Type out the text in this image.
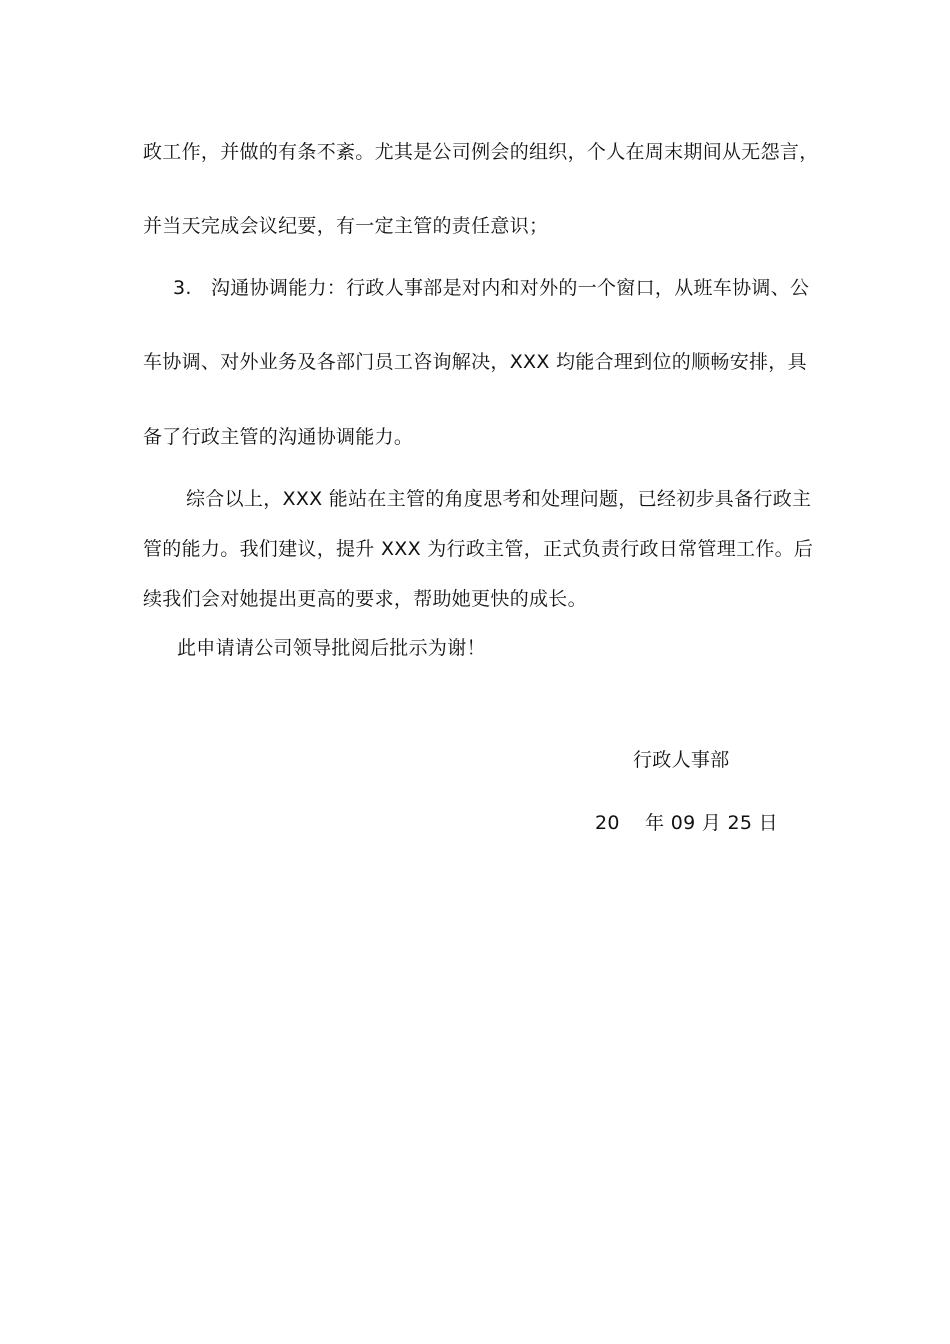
政工作，并做的有条不紊。尤其是公司例会的组织，个人在周末期间从无怨言，
并当天完成会议纪要，有一定主管的责任意识；
3. 沟通协调能力：行政人事部是对内和对外的一个窗口，从班车协调、公
车协调、对外业务及各部门员工咨询解决，XXX 均能合理到位的顺畅安排，具
备了行政主管的沟通协调能力。
综合以上，XXX 能站在主管的角度思考和处理问题，已经初步具备行政主
管的能力。我们建议，提升 XXX 为行政主管，正式负责行政日常管理工作。后
续我们会对她提出更高的要求，帮助她更快的成长。
此申请请公司领导批阅后批示为谢！
行政人事部
20    年 09 月 25 日
